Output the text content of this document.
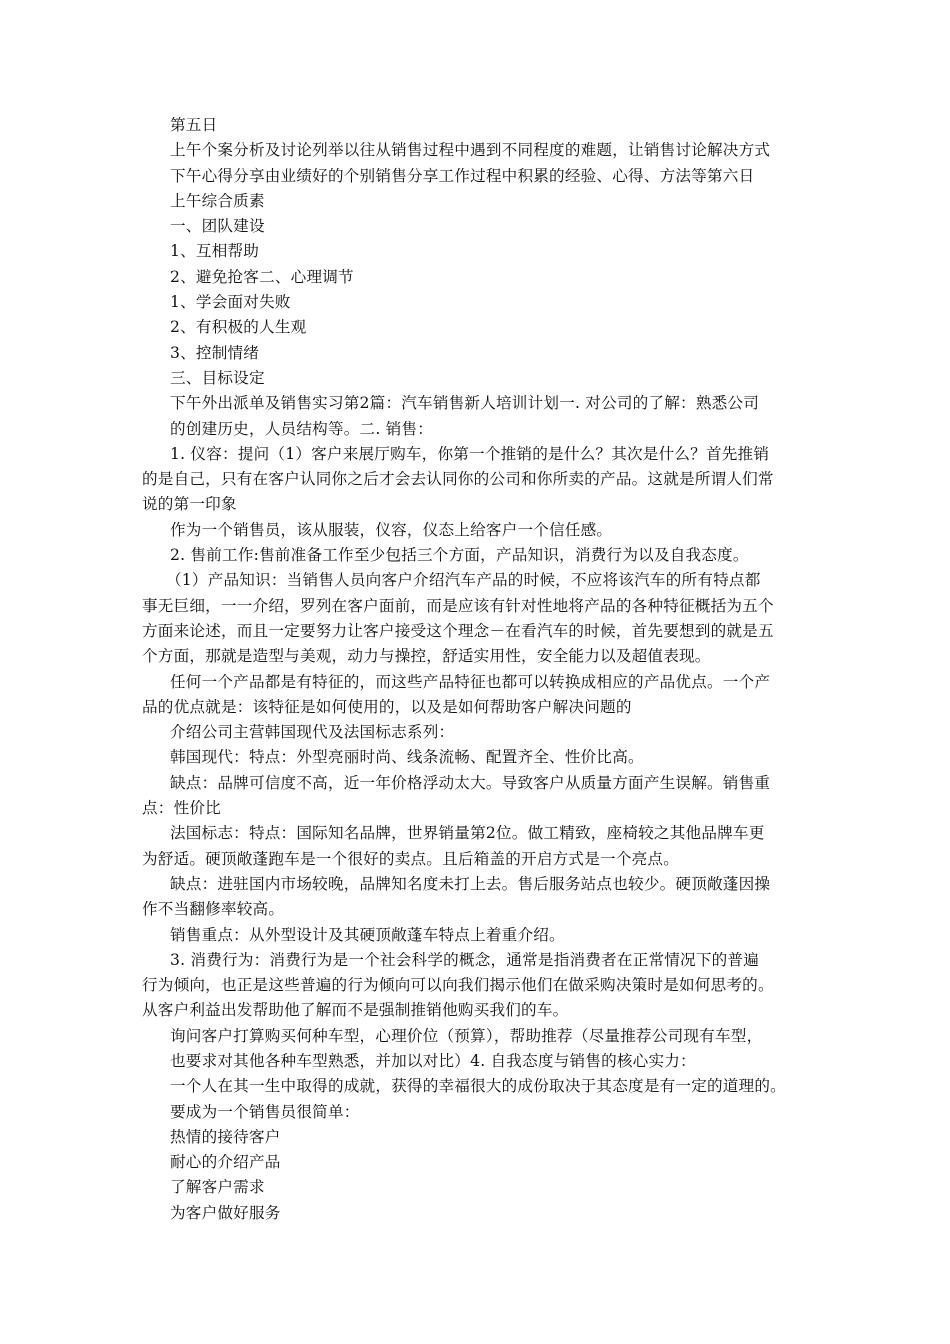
第五日
上午个案分析及讨论列举以往从销售过程中遇到不同程度的难题，让销售讨论解决方式
下午心得分享由业绩好的个别销售分享工作过程中积累的经验、心得、方法等第六日
上午综合质素
一、团队建设
1、互相帮助
2、避免抢客二、心理调节
1、学会面对失败
2、有积极的人生观
3、控制情绪
三、目标设定
下午外出派单及销售实习第2篇：汽车销售新人培训计划一. 对公司的了解：熟悉公司
的创建历史，人员结构等。二. 销售：
1. 仪容：提问（1）客户来展厅购车，你第一个推销的是什么？其次是什么？首先推销
的是自己，只有在客户认同你之后才会去认同你的公司和你所卖的产品。这就是所谓人们常
说的第一印象
作为一个销售员，该从服装，仪容，仪态上给客户一个信任感。
2. 售前工作:售前准备工作至少包括三个方面，产品知识，消费行为以及自我态度。
（1）产品知识：当销售人员向客户介绍汽车产品的时候，不应将该汽车的所有特点都
事无巨细，一一介绍，罗列在客户面前，而是应该有针对性地将产品的各种特征概括为五个
方面来论述，而且一定要努力让客户接受这个理念－在看汽车的时候，首先要想到的就是五
个方面，那就是造型与美观，动力与操控，舒适实用性，安全能力以及超值表现。
任何一个产品都是有特征的，而这些产品特征也都可以转换成相应的产品优点。一个产
品的优点就是：该特征是如何使用的，以及是如何帮助客户解决问题的
介绍公司主营韩国现代及法国标志系列：
韩国现代：特点：外型亮丽时尚、线条流畅、配置齐全、性价比高。
缺点：品牌可信度不高，近一年价格浮动太大。导致客户从质量方面产生误解。销售重
点：性价比
法国标志：特点：国际知名品牌，世界销量第2位。做工精致，座椅较之其他品牌车更
为舒适。硬顶敞蓬跑车是一个很好的卖点。且后箱盖的开启方式是一个亮点。
缺点：进驻国内市场较晚，品牌知名度未打上去。售后服务站点也较少。硬顶敞蓬因操
作不当翻修率较高。
销售重点：从外型设计及其硬顶敞蓬车特点上着重介绍。
3. 消费行为：消费行为是一个社会科学的概念，通常是指消费者在正常情况下的普遍
行为倾向，也正是这些普遍的行为倾向可以向我们揭示他们在做采购决策时是如何思考的。
从客户利益出发帮助他了解而不是强制推销他购买我们的车。
询问客户打算购买何种车型，心理价位（预算），帮助推荐（尽量推荐公司现有车型，
也要求对其他各种车型熟悉，并加以对比）4. 自我态度与销售的核心实力：
一个人在其一生中取得的成就，获得的幸福很大的成份取决于其态度是有一定的道理的。
要成为一个销售员很简单：
热情的接待客户
耐心的介绍产品
了解客户需求
为客户做好服务
